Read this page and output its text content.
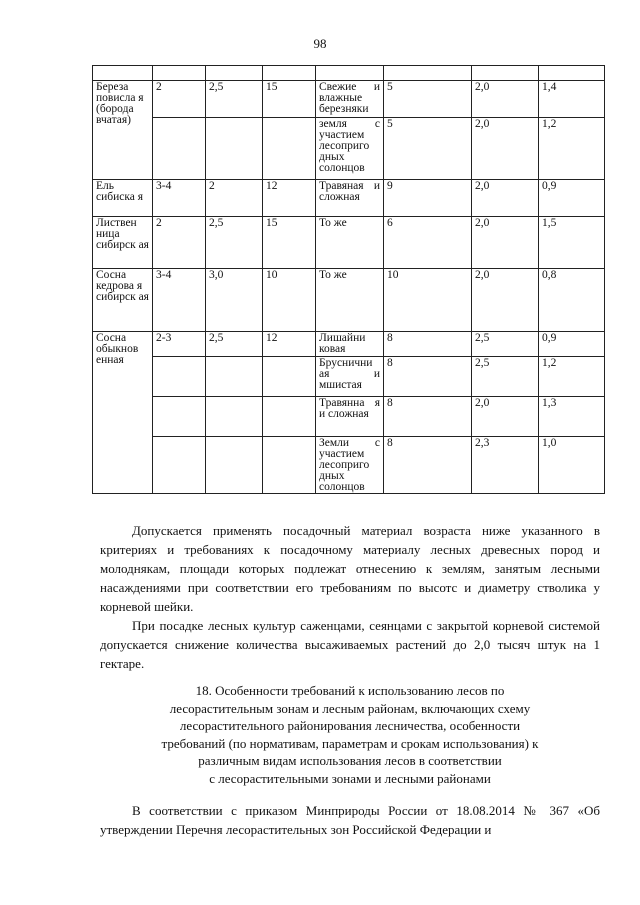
98

Береза повисла я (борода вчатая)	2	2,5	15	Свежие и влажные березняки	5	2,0	1,4
				земля с участием лесоприго дных солонцов	5	2,0	1,2
Ель сибиска я	3-4	2	12	Травяная и сложная	9	2,0	0,9
Листвен ница сибирск ая	2	2,5	15	То же	6	2,0	1,5
Сосна кедрова я сибирск ая	3-4	3,0	10	То же	10	2,0	0,8
Сосна обыкнов енная	2-3	2,5	12	Лишайни ковая	8	2,5	0,9
				Бруснични ая и мшистая	8	2,5	1,2
				Травянна я и сложная	8	2,0	1,3
				Земли с участием лесоприго дных солонцов	8	2,3	1,0

Допускается применять посадочный материал возраста ниже указанного в критериях и требованиях к посадочному материалу лесных древесных пород и молоднякам, площади которых подлежат отнесению к землям, занятым лесными насаждениями при соответствии его требованиям по высотс и диаметру стволика у корневой шейки.

При посадке лесных культур саженцами, сеянцами с закрытой корневой системой допускается снижение количества высаживаемых растений до 2,0 тысяч штук на 1 гектаре.

18. Особенности требований к использованию лесов по
лесорастительным зонам и лесным районам, включающих схему
лесорастительного районирования лесничества, особенности
требований (по нормативам, параметрам и срокам использования) к
различным видам использования лесов в соответствии
с лесорастительными зонами и лесными районами

В соответствии с приказом Минприроды России от 18.08.2014 № 367 «Об утверждении Перечня лесорастительных зон Российской Федерации и
